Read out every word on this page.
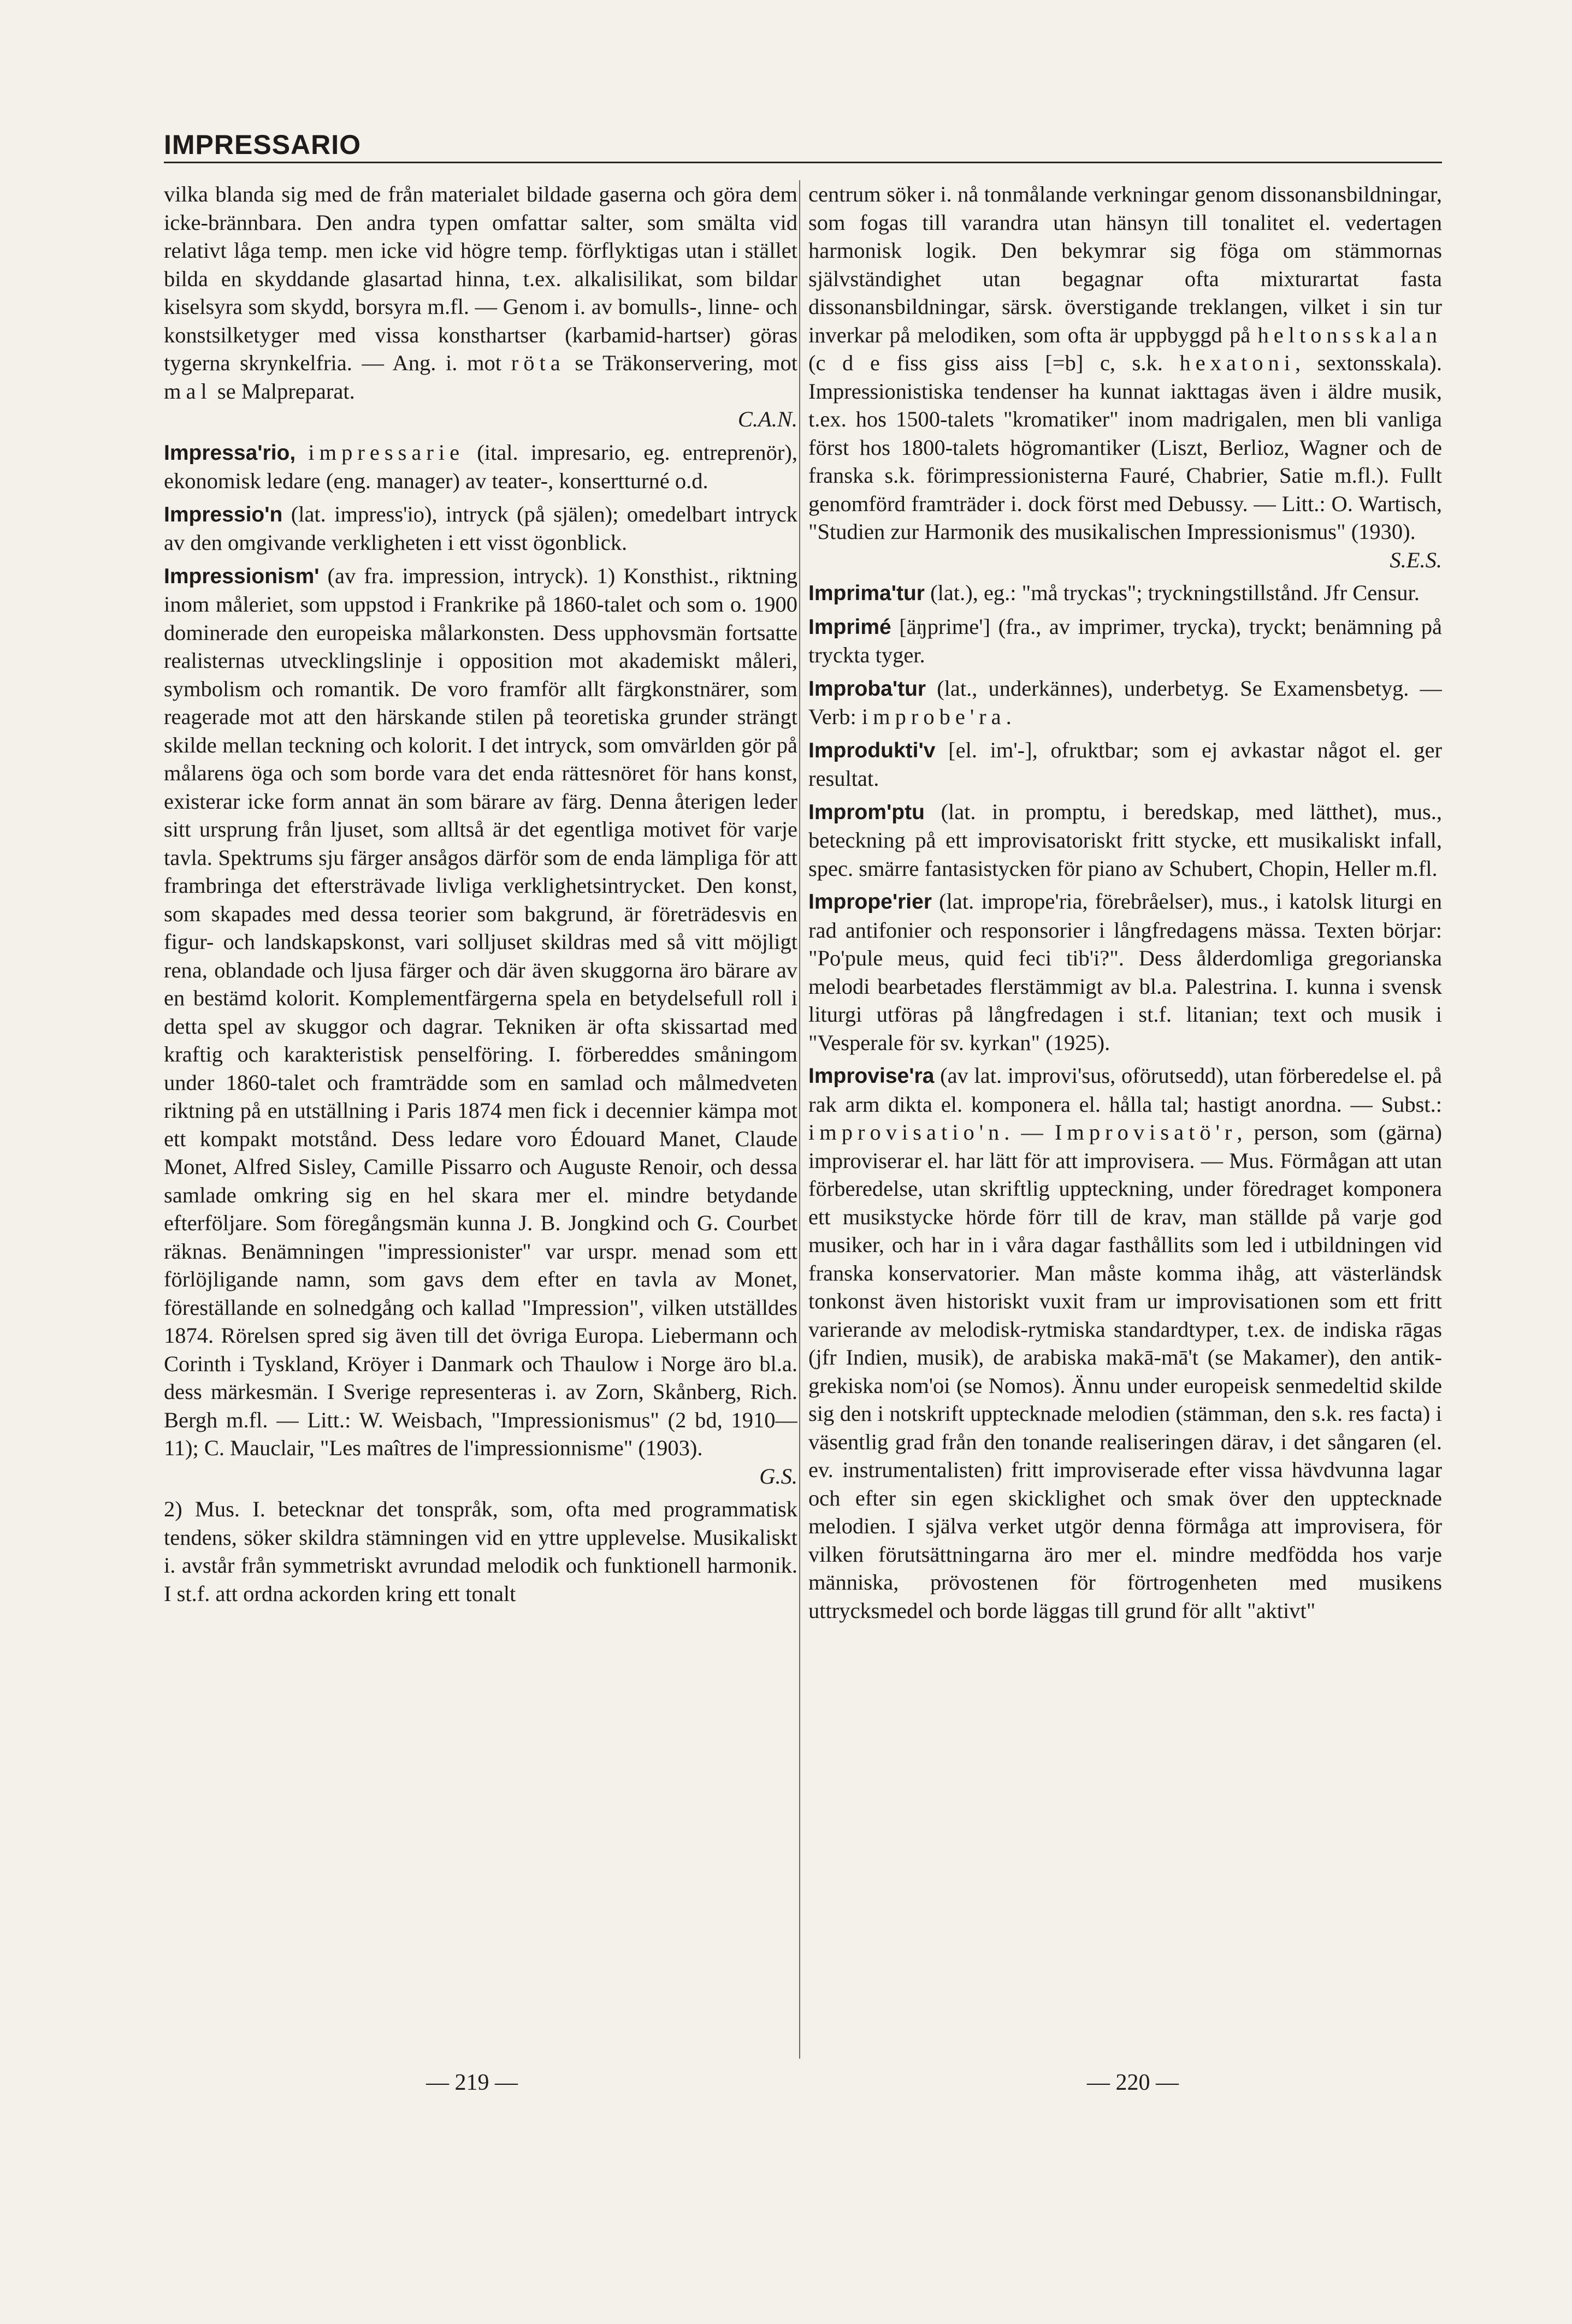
IMPRESSARIO

vilka blanda sig med de från materialet bildade gaserna och göra dem icke-brännbara. Den andra typen omfattar salter, som smälta vid relativt låga temp. men icke vid högre temp. förflyktigas utan i stället bilda en skyddande glasartad hinna, t.ex. alkalisilikat, som bildar kiselsyra som skydd, borsyra m.fl. — Genom i. av bomulls-, linne- och konstsilketyger med vissa konsthartser (karbamid-hartser) göras tygerna skrynkelfria. — Ang. i. mot röta se Träkonservering, mot mal se Malpreparat.
C.A.N.

Impressa'rio, impressarie (ital. impresario, eg. entreprenör), ekonomisk ledare (eng. manager) av teater-, konsertturné o.d.

Impressio'n (lat. impress'io), intryck (på själen); omedelbart intryck av den omgivande verkligheten i ett visst ögonblick.

Impressionism' (av fra. impression, intryck). 1) Konsthist., riktning inom måleriet, som uppstod i Frankrike på 1860-talet och som o. 1900 dominerade den europeiska målarkonsten. Dess upphovsmän fortsatte realisternas utvecklingslinje i opposition mot akademiskt måleri, symbolism och romantik. De voro framför allt färgkonstnärer, som reagerade mot att den härskande stilen på teoretiska grunder strängt skilde mellan teckning och kolorit. I det intryck, som omvärlden gör på målarens öga och som borde vara det enda rättesnöret för hans konst, existerar icke form annat än som bärare av färg. Denna återigen leder sitt ursprung från ljuset, som alltså är det egentliga motivet för varje tavla. Spektrums sju färger ansågos därför som de enda lämpliga för att frambringa det eftersträvade livliga verklighetsintrycket. Den konst, som skapades med dessa teorier som bakgrund, är företrädesvis en figur- och landskapskonst, vari solljuset skildras med så vitt möjligt rena, oblandade och ljusa färger och där även skuggorna äro bärare av en bestämd kolorit. Komplementfärgerna spela en betydelsefull roll i detta spel av skuggor och dagrar. Tekniken är ofta skissartad med kraftig och karakteristisk penselföring. I. förbereddes småningom under 1860-talet och framträdde som en samlad och målmedveten riktning på en utställning i Paris 1874 men fick i decennier kämpa mot ett kompakt motstånd. Dess ledare voro Édouard Manet, Claude Monet, Alfred Sisley, Camille Pissarro och Auguste Renoir, och dessa samlade omkring sig en hel skara mer el. mindre betydande efterföljare. Som föregångsmän kunna J. B. Jongkind och G. Courbet räknas. Benämningen "impressionister" var urspr. menad som ett förlöjligande namn, som gavs dem efter en tavla av Monet, föreställande en solnedgång och kallad "Impression", vilken utställdes 1874. Rörelsen spred sig även till det övriga Europa. Liebermann och Corinth i Tyskland, Kröyer i Danmark och Thaulow i Norge äro bl.a. dess märkesmän. I Sverige representeras i. av Zorn, Skånberg, Rich. Bergh m.fl. — Litt.: W. Weisbach, "Impressionismus" (2 bd, 1910—11); C. Mauclair, "Les maîtres de l'impressionnisme" (1903).
G.S.

2) Mus. I. betecknar det tonspråk, som, ofta med programmatisk tendens, söker skildra stämningen vid en yttre upplevelse. Musikaliskt i. avstår från symmetriskt avrundad melodik och funktionell harmonik. I st.f. att ordna ackorden kring ett tonalt

centrum söker i. nå tonmålande verkningar genom dissonansbildningar, som fogas till varandra utan hänsyn till tonalitet el. vedertagen harmonisk logik. Den bekymrar sig föga om stämmornas självständighet utan begagnar ofta mixturartat fasta dissonansbildningar, särsk. överstigande treklangen, vilket i sin tur inverkar på melodiken, som ofta är uppbyggd på heltonsskalan (c d e fiss giss aiss [=b] c, s.k. hexatoni, sextonsskala). Impressionistiska tendenser ha kunnat iakttagas även i äldre musik, t.ex. hos 1500-talets "kromatiker" inom madrigalen, men bli vanliga först hos 1800-talets högromantiker (Liszt, Berlioz, Wagner och de franska s.k. förimpressionisterna Fauré, Chabrier, Satie m.fl.). Fullt genomförd framträder i. dock först med Debussy. — Litt.: O. Wartisch, "Studien zur Harmonik des musikalischen Impressionismus" (1930).
S.E.S.

Imprima'tur (lat.), eg.: "må tryckas"; tryckningstillstånd. Jfr Censur.

Imprimé [äŋprime'] (fra., av imprimer, trycka), tryckt; benämning på tryckta tyger.

Improba'tur (lat., underkännes), underbetyg. Se Examensbetyg. — Verb: improbe'ra.

Improdukti'v [el. im'-], ofruktbar; som ej avkastar något el. ger resultat.

Improm'ptu (lat. in promptu, i beredskap, med lätthet), mus., beteckning på ett improvisatoriskt fritt stycke, ett musikaliskt infall, spec. smärre fantasistycken för piano av Schubert, Chopin, Heller m.fl.

Imprope'rier (lat. imprope'ria, förebråelser), mus., i katolsk liturgi en rad antifonier och responsorier i långfredagens mässa. Texten börjar: "Po'pule meus, quid feci tib'i?". Dess ålderdomliga gregorianska melodi bearbetades flerstämmigt av bl.a. Palestrina. I. kunna i svensk liturgi utföras på långfredagen i st.f. litanian; text och musik i "Vesperale för sv. kyrkan" (1925).

Improvise'ra (av lat. improvi'sus, oförutsedd), utan förberedelse el. på rak arm dikta el. komponera el. hålla tal; hastigt anordna. — Subst.: improvisatio'n. — Improvisatö'r, person, som (gärna) improviserar el. har lätt för att improvisera. — Mus. Förmågan att utan förberedelse, utan skriftlig uppteckning, under föredraget komponera ett musikstycke hörde förr till de krav, man ställde på varje god musiker, och har in i våra dagar fasthållits som led i utbildningen vid franska konservatorier. Man måste komma ihåg, att västerländsk tonkonst även historiskt vuxit fram ur improvisationen som ett fritt varierande av melodisk-rytmiska standardtyper, t.ex. de indiska rāgas (jfr Indien, musik), de arabiska makā-mā't (se Makamer), den antik-grekiska nom'oi (se Nomos). Ännu under europeisk senmedeltid skilde sig den i notskrift upptecknade melodien (stämman, den s.k. res facta) i väsentlig grad från den tonande realiseringen därav, i det sångaren (el. ev. instrumentalisten) fritt improviserade efter vissa hävdvunna lagar och efter sin egen skicklighet och smak över den upptecknade melodien. I själva verket utgör denna förmåga att improvisera, för vilken förutsättningarna äro mer el. mindre medfödda hos varje människa, prövostenen för förtrogenheten med musikens uttrycksmedel och borde läggas till grund för allt "aktivt"

— 219 —	— 220 —
